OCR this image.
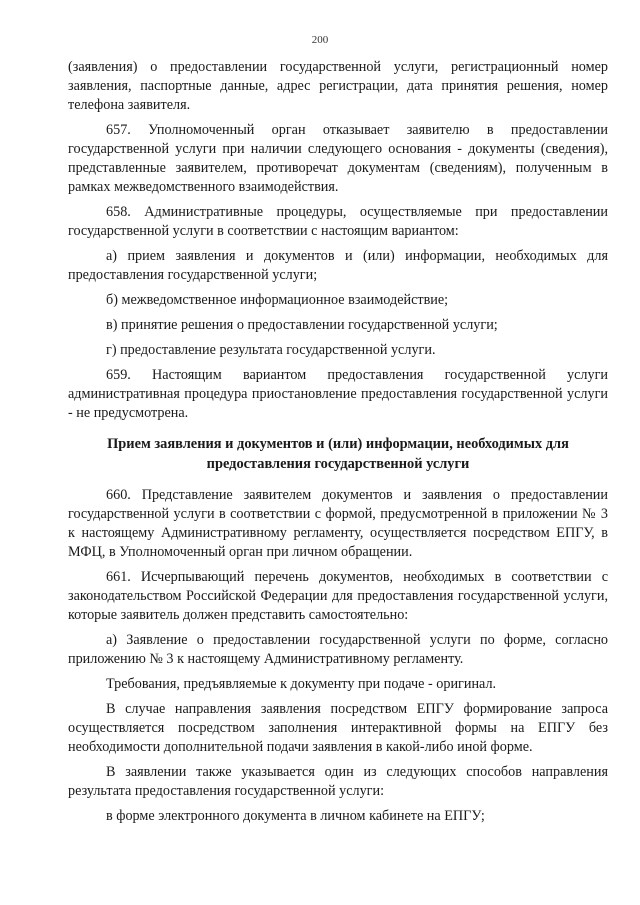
200

(заявления) о предоставлении государственной услуги, регистрационный номер заявления, паспортные данные, адрес регистрации, дата принятия решения, номер телефона заявителя.

657. Уполномоченный орган отказывает заявителю в предоставлении государственной услуги при наличии следующего основания - документы (сведения), представленные заявителем, противоречат документам (сведениям), полученным в рамках межведомственного взаимодействия.

658. Административные процедуры, осуществляемые при предоставлении государственной услуги в соответствии с настоящим вариантом:

а) прием заявления и документов и (или) информации, необходимых для предоставления государственной услуги;

б) межведомственное информационное взаимодействие;

в) принятие решения о предоставлении государственной услуги;

г) предоставление результата государственной услуги.

659. Настоящим вариантом предоставления государственной услуги административная процедура приостановление предоставления государственной услуги - не предусмотрена.

Прием заявления и документов и (или) информации, необходимых для предоставления государственной услуги

660. Представление заявителем документов и заявления о предоставлении государственной услуги в соответствии с формой, предусмотренной в приложении № 3 к настоящему Административному регламенту, осуществляется посредством ЕПГУ, в МФЦ, в Уполномоченный орган при личном обращении.

661. Исчерпывающий перечень документов, необходимых в соответствии с законодательством Российской Федерации для предоставления государственной услуги, которые заявитель должен представить самостоятельно:

а) Заявление о предоставлении государственной услуги по форме, согласно приложению № 3 к настоящему Административному регламенту.

Требования, предъявляемые к документу при подаче - оригинал.

В случае направления заявления посредством ЕПГУ формирование запроса осуществляется посредством заполнения интерактивной формы на ЕПГУ без необходимости дополнительной подачи заявления в какой-либо иной форме.

В заявлении также указывается один из следующих способов направления результата предоставления государственной услуги:

в форме электронного документа в личном кабинете на ЕПГУ;
